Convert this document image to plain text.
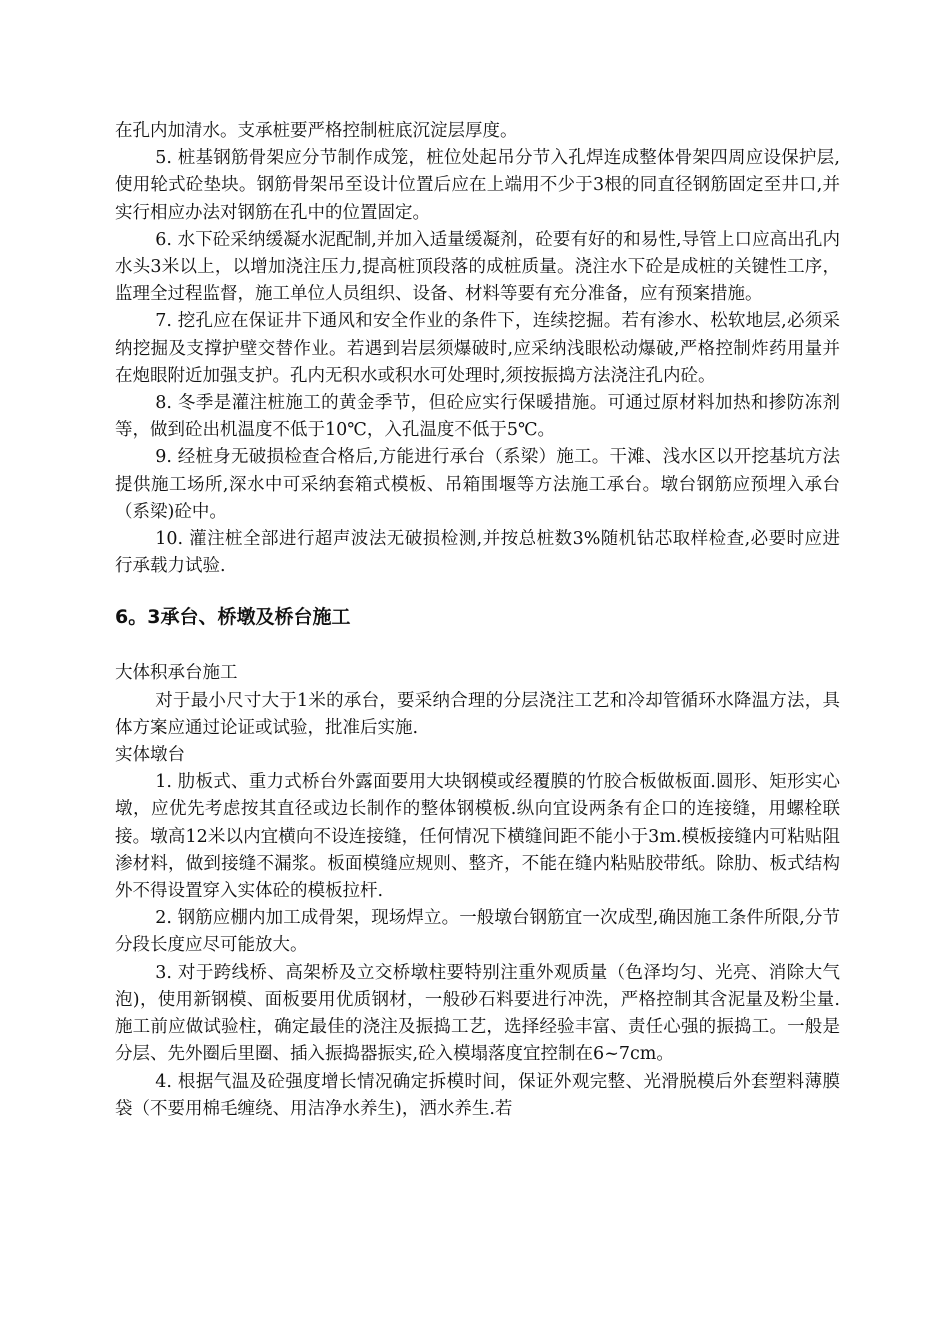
在孔内加清水。支承桩要严格控制桩底沉淀层厚度。

5. 桩基钢筋骨架应分节制作成笼，桩位处起吊分节入孔焊连成整体骨架四周应设保护层,使用轮式砼垫块。钢筋骨架吊至设计位置后应在上端用不少于3根的同直径钢筋固定至井口,并实行相应办法对钢筋在孔中的位置固定。

6. 水下砼采纳缓凝水泥配制,并加入适量缓凝剂，砼要有好的和易性,导管上口应高出孔内水头3米以上，以增加浇注压力,提高桩顶段落的成桩质量。浇注水下砼是成桩的关键性工序，监理全过程监督，施工单位人员组织、设备、材料等要有充分准备，应有预案措施。

7. 挖孔应在保证井下通风和安全作业的条件下，连续挖掘。若有渗水、松软地层,必须采纳挖掘及支撑护壁交替作业。若遇到岩层须爆破时,应采纳浅眼松动爆破,严格控制炸药用量并在炮眼附近加强支护。孔内无积水或积水可处理时,须按振捣方法浇注孔内砼。

8. 冬季是灌注桩施工的黄金季节，但砼应实行保暖措施。可通过原材料加热和掺防冻剂等，做到砼出机温度不低于10℃，入孔温度不低于5℃。

9. 经桩身无破损检查合格后,方能进行承台（系梁）施工。干滩、浅水区以开挖基坑方法提供施工场所,深水中可采纳套箱式模板、吊箱围堰等方法施工承台。墩台钢筋应预埋入承台（系梁)砼中。

10. 灌注桩全部进行超声波法无破损检测,并按总桩数3%随机钻芯取样检查,必要时应进行承载力试验.

6。3承台、桥墩及桥台施工

大体积承台施工

对于最小尺寸大于1米的承台，要采纳合理的分层浇注工艺和冷却管循环水降温方法，具体方案应通过论证或试验，批准后实施.

实体墩台

1. 肋板式、重力式桥台外露面要用大块钢模或经覆膜的竹胶合板做板面.圆形、矩形实心墩，应优先考虑按其直径或边长制作的整体钢模板.纵向宜设两条有企口的连接缝，用螺栓联接。墩高12米以内宜横向不设连接缝，任何情况下横缝间距不能小于3m.模板接缝内可粘贴阻渗材料，做到接缝不漏浆。板面模缝应规则、整齐，不能在缝内粘贴胶带纸。除肋、板式结构外不得设置穿入实体砼的模板拉杆.

2. 钢筋应棚内加工成骨架，现场焊立。一般墩台钢筋宜一次成型,确因施工条件所限,分节分段长度应尽可能放大。

3. 对于跨线桥、高架桥及立交桥墩柱要特别注重外观质量（色泽均匀、光亮、消除大气泡)，使用新钢模、面板要用优质钢材，一般砂石料要进行冲洗，严格控制其含泥量及粉尘量.施工前应做试验柱，确定最佳的浇注及振捣工艺，选择经验丰富、责任心强的振捣工。一般是分层、先外圈后里圈、插入振捣器振实,砼入模塌落度宜控制在6~7cm。

4. 根据气温及砼强度增长情况确定拆模时间，保证外观完整、光滑脱模后外套塑料薄膜袋（不要用棉毛缠绕、用洁净水养生)，洒水养生.若
